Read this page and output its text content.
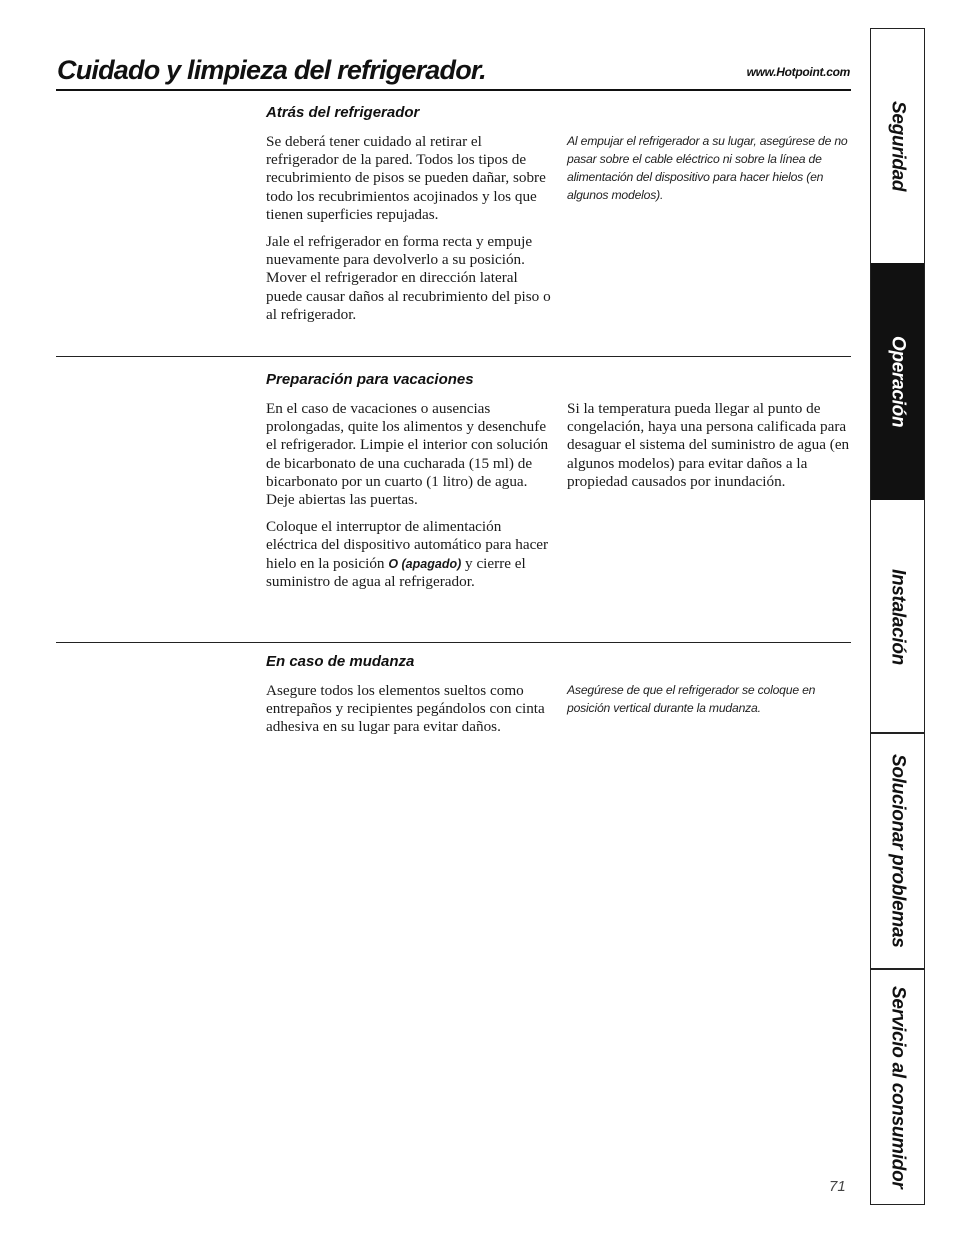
Cuidado y limpieza del refrigerador.	www.Hotpoint.com
Atrás del refrigerador

Se deberá tener cuidado al retirar el refrigerador de la pared. Todos los tipos de recubrimiento de pisos se pueden dañar, sobre todo los recubrimientos acojinados y los que tienen superficies repujadas.

Jale el refrigerador en forma recta y empuje nuevamente para devolverlo a su posición. Mover el refrigerador en dirección lateral puede causar daños al recubrimiento del piso o al refrigerador.

Al empujar el refrigerador a su lugar, asegúrese de no pasar sobre el cable eléctrico ni sobre la línea de alimentación del dispositivo para hacer hielos (en algunos modelos).

Preparación para vacaciones

En el caso de vacaciones o ausencias prolongadas, quite los alimentos y desenchufe el refrigerador. Limpie el interior con solución de bicarbonato de una cucharada (15 ml) de bicarbonato por un cuarto (1 litro) de agua. Deje abiertas las puertas.

Coloque el interruptor de alimentación eléctrica del dispositivo automático para hacer hielo en la posición O (apagado) y cierre el suministro de agua al refrigerador.

Si la temperatura pueda llegar al punto de congelación, haya una persona calificada para desaguar el sistema del suministro de agua (en algunos modelos) para evitar daños a la propiedad causados por inundación.

En caso de mudanza

Asegure todos los elementos sueltos como entrepaños y recipientes pegándolos con cinta adhesiva en su lugar para evitar daños.

Asegúrese de que el refrigerador se coloque en posición vertical durante la mudanza.

Seguridad
Operación
Instalación
Solucionar problemas
Servicio al consumidor
71
